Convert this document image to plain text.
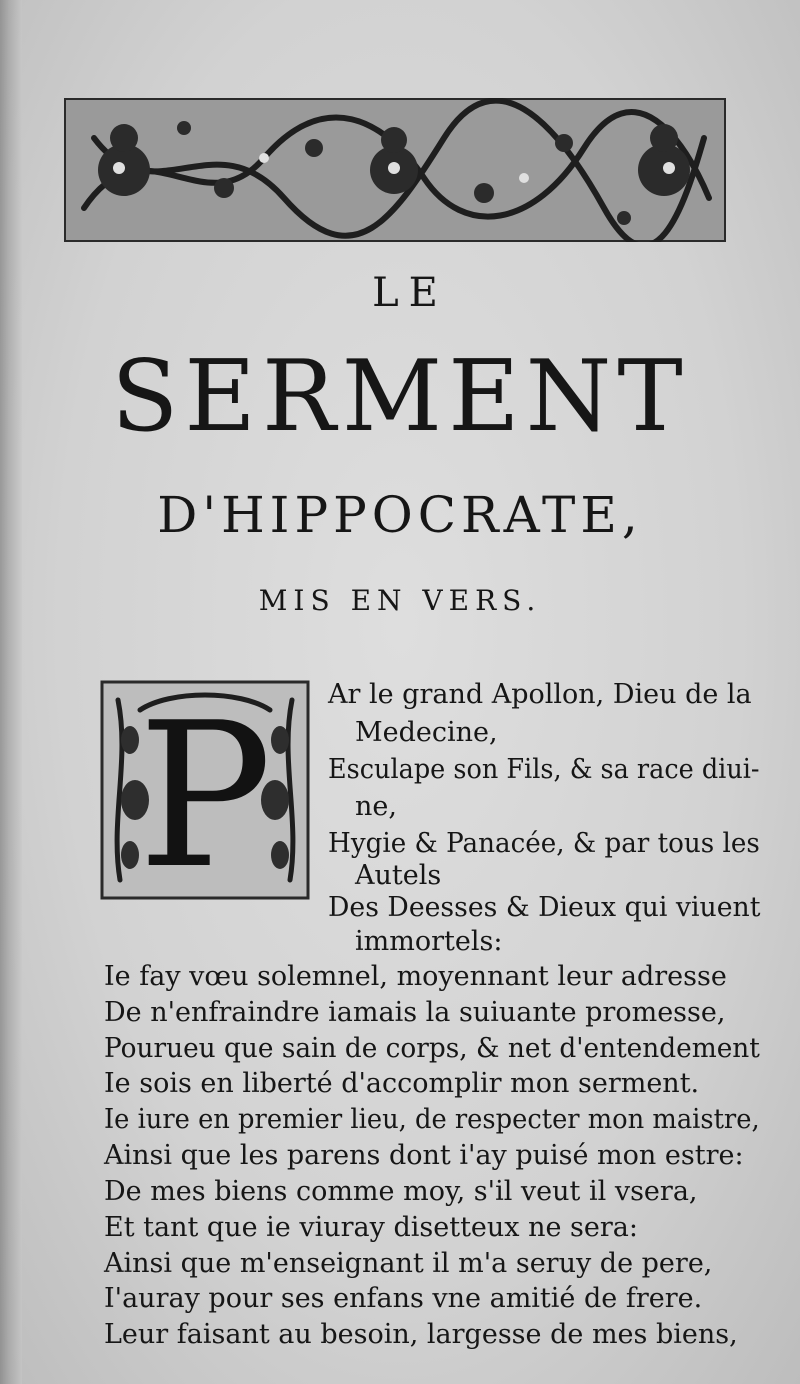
LE
SERMENT
D'HIPPOCRATE,
MIS EN VERS.
P Ar le grand Apollon, Dieu de la
Medecine,
Esculape son Fils, & sa race diui-
ne,
Hygie & Panacée, & par tous les
Autels
Des Deesses & Dieux qui viuent
immortels:
Ie fay vœu solemnel, moyennant leur adresse
De n'enfraindre iamais la suiuante promesse,
Pourueu que sain de corps, & net d'entendement
Ie sois en liberté d'accomplir mon serment.
Ie iure en premier lieu, de respecter mon maistre,
Ainsi que les parens dont i'ay puisé mon estre:
De mes biens comme moy, s'il veut il vsera,
Et tant que ie viuray disetteux ne sera:
Ainsi que m'enseignant il m'a seruy de pere,
I'auray pour ses enfans vne amitié de frere.
Leur faisant au besoin, largesse de mes biens,
